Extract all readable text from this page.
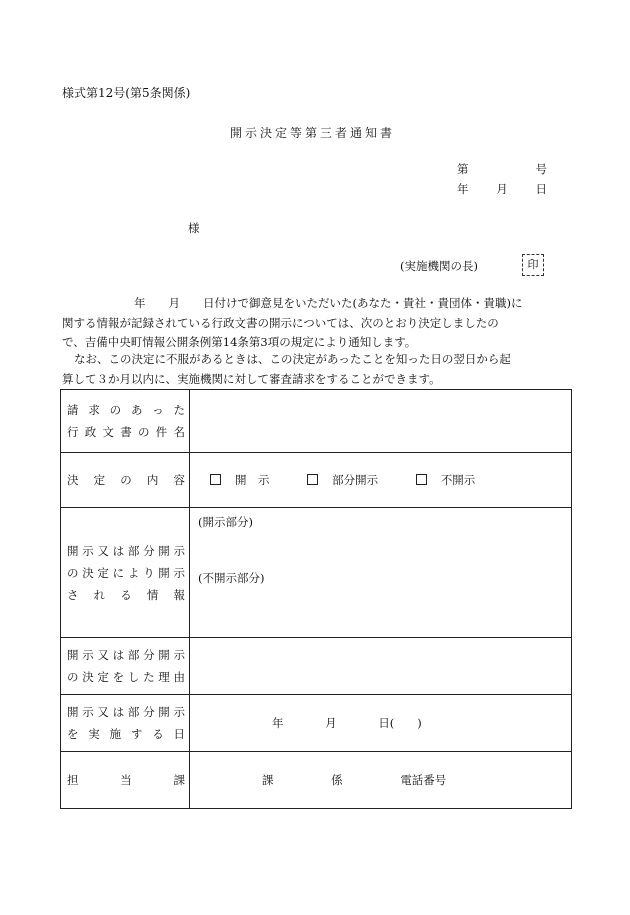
様式第12号(第5条関係)
開示決定等第三者通知書
第	号
年 月 日
様
(実施機関の長)	印

年　　月　　日付けで御意見をいただいた(あなた・貴社・貴団体・貴職)に

関する情報が記録されている行政文書の開示については、次のとおり決定しましたの

で、吉備中央町情報公開条例第14条第3項の規定により通知します。

なお、この決定に不服があるときは、この決定があったことを知った日の翌日から起

算して３か月以内に、実施機関に対して審査請求をすることができます。

請求のあった
行政文書の件名	

決定の内容	開　示 部分開示 不開示

開示又は部分開示
の決定により開示
される情報	(開示部分)
(不開示部分)

開示又は部分開示
の決定をした理由	

開示又は部分開示
を実施する日	年 月 日(　　)

担当課	課 係 電話番号
